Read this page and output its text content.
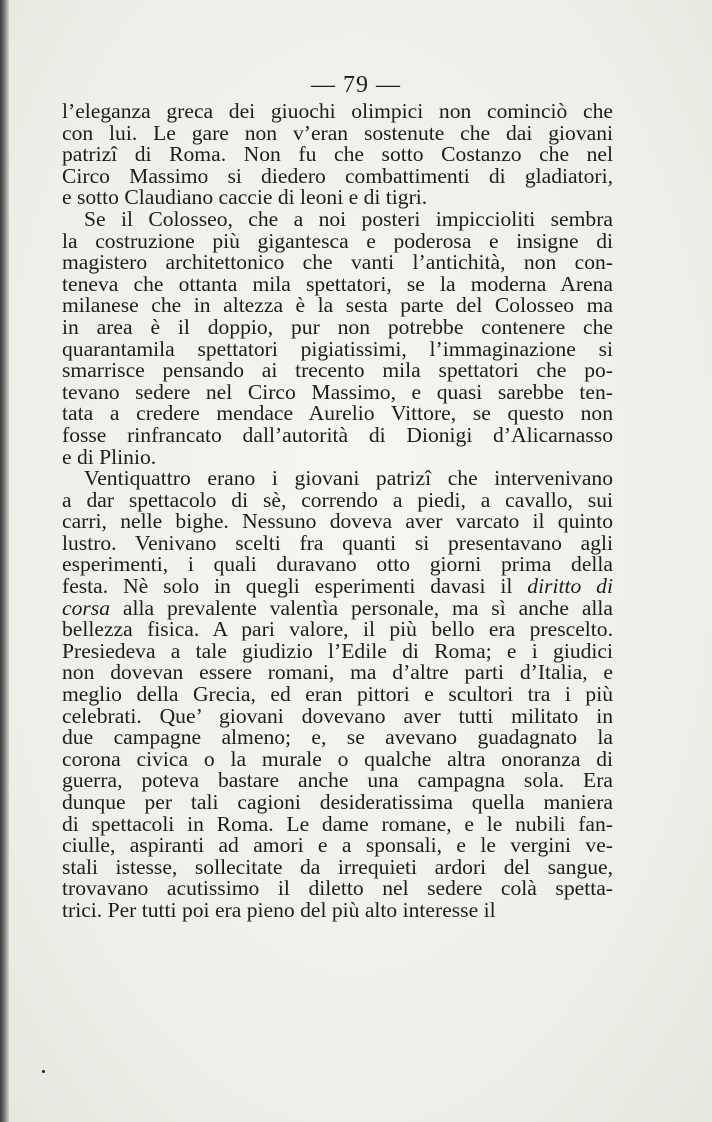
— 79 —
l’eleganza greca dei giuochi olimpici non cominciò che
con lui. Le gare non v’eran sostenute che dai giovani
patrizî di Roma. Non fu che sotto Costanzo che nel
Circo Massimo si diedero combattimenti di gladiatori,
e sotto Claudiano caccie di leoni e di tigri.
Se il Colosseo, che a noi posteri impiccioliti sembra
la costruzione più gigantesca e poderosa e insigne di
magistero architettonico che vanti l’antichità, non con-
teneva che ottanta mila spettatori, se la moderna Arena
milanese che in altezza è la sesta parte del Colosseo ma
in area è il doppio, pur non potrebbe contenere che
quarantamila spettatori pigiatissimi, l’immaginazione si
smarrisce pensando ai trecento mila spettatori che po-
tevano sedere nel Circo Massimo, e quasi sarebbe ten-
tata a credere mendace Aurelio Vittore, se questo non
fosse rinfrancato dall’autorità di Dionigi d’Alicarnasso
e di Plinio.
Ventiquattro erano i giovani patrizî che intervenivano
a dar spettacolo di sè, correndo a piedi, a cavallo, sui
carri, nelle bighe. Nessuno doveva aver varcato il quinto
lustro. Venivano scelti fra quanti si presentavano agli
esperimenti, i quali duravano otto giorni prima della
festa. Nè solo in quegli esperimenti davasi il diritto di
corsa alla prevalente valentìa personale, ma sì anche alla
bellezza fisica. A pari valore, il più bello era prescelto.
Presiedeva a tale giudizio l’Edile di Roma; e i giudici
non dovevan essere romani, ma d’altre parti d’Italia, e
meglio della Grecia, ed eran pittori e scultori tra i più
celebrati. Que’ giovani dovevano aver tutti militato in
due campagne almeno; e, se avevano guadagnato la
corona civica o la murale o qualche altra onoranza di
guerra, poteva bastare anche una campagna sola. Era
dunque per tali cagioni desideratissima quella maniera
di spettacoli in Roma. Le dame romane, e le nubili fan-
ciulle, aspiranti ad amori e a sponsali, e le vergini ve-
stali istesse, sollecitate da irrequieti ardori del sangue,
trovavano acutissimo il diletto nel sedere colà spetta-
trici. Per tutti poi era pieno del più alto interesse il
